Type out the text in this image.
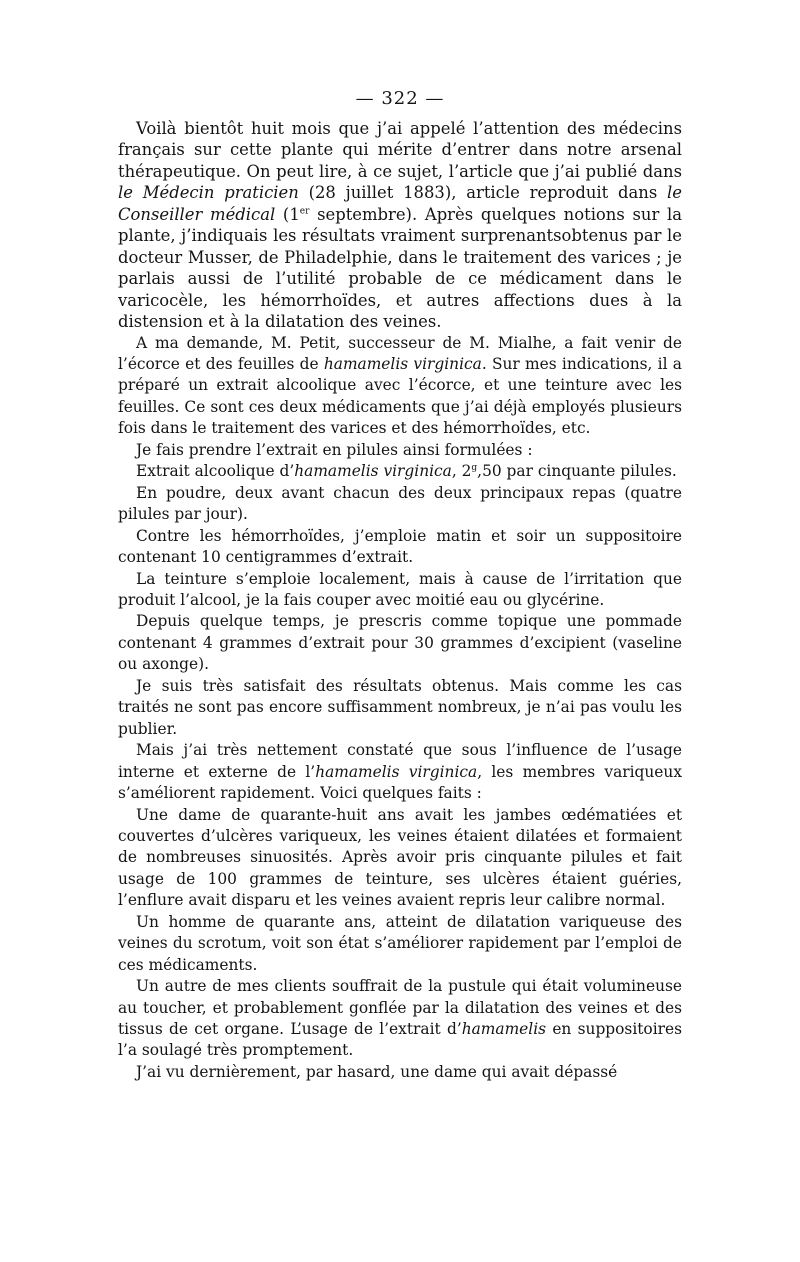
— 322 —

Voilà bientôt huit mois que j’ai appelé l’attention des médecins français sur cette plante qui mérite d’entrer dans notre arsenal thérapeutique. On peut lire, à ce sujet, l’article que j’ai publié dans le Médecin praticien (28 juillet 1883), article reproduit dans le Conseiller médical (1er septembre). Après quelques notions sur la plante, j’indiquais les résultats vraiment surprenantsobtenus par le docteur Musser, de Philadelphie, dans le traitement des varices ; je parlais aussi de l’utilité probable de ce médicament dans le varicocèle, les hémorrhoïdes, et autres affections dues à la distension et à la dilatation des veines.

A ma demande, M. Petit, successeur de M. Mialhe, a fait venir de l’écorce et des feuilles de hamamelis virginica. Sur mes indications, il a préparé un extrait alcoolique avec l’écorce, et une teinture avec les feuilles. Ce sont ces deux médicaments que j’ai déjà employés plusieurs fois dans le traitement des varices et des hémorrhoïdes, etc.

Je fais prendre l’extrait en pilules ainsi formulées :

Extrait alcoolique d’hamamelis virginica, 2$^g$,50 par cinquante pilules.

En poudre, deux avant chacun des deux principaux repas (quatre pilules par jour).

Contre les hémorrhoïdes, j’emploie matin et soir un suppositoire contenant 10 centigrammes d’extrait.

La teinture s’emploie localement, mais à cause de l’irritation que produit l’alcool, je la fais couper avec moitié eau ou glycérine.

Depuis quelque temps, je prescris comme topique une pommade contenant 4 grammes d’extrait pour 30 grammes d’excipient (vaseline ou axonge).

Je suis très satisfait des résultats obtenus. Mais comme les cas traités ne sont pas encore suffisamment nombreux, je n’ai pas voulu les publier.

Mais j’ai très nettement constaté que sous l’influence de l’usage interne et externe de l’hamamelis virginica, les membres variqueux s’améliorent rapidement. Voici quelques faits :

Une dame de quarante-huit ans avait les jambes œdématiées et couvertes d’ulcères variqueux, les veines étaient dilatées et formaient de nombreuses sinuosités. Après avoir pris cinquante pilules et fait usage de 100 grammes de teinture, ses ulcères étaient guéries, l’enflure avait disparu et les veines avaient repris leur calibre normal.

Un homme de quarante ans, atteint de dilatation variqueuse des veines du scrotum, voit son état s’améliorer rapidement par l’emploi de ces médicaments.

Un autre de mes clients souffrait de la pustule qui était volumineuse au toucher, et probablement gonflée par la dilatation des veines et des tissus de cet organe. L’usage de l’extrait d’hamamelis en suppositoires l’a soulagé très promptement.

J’ai vu dernièrement, par hasard, une dame qui avait dépassé
